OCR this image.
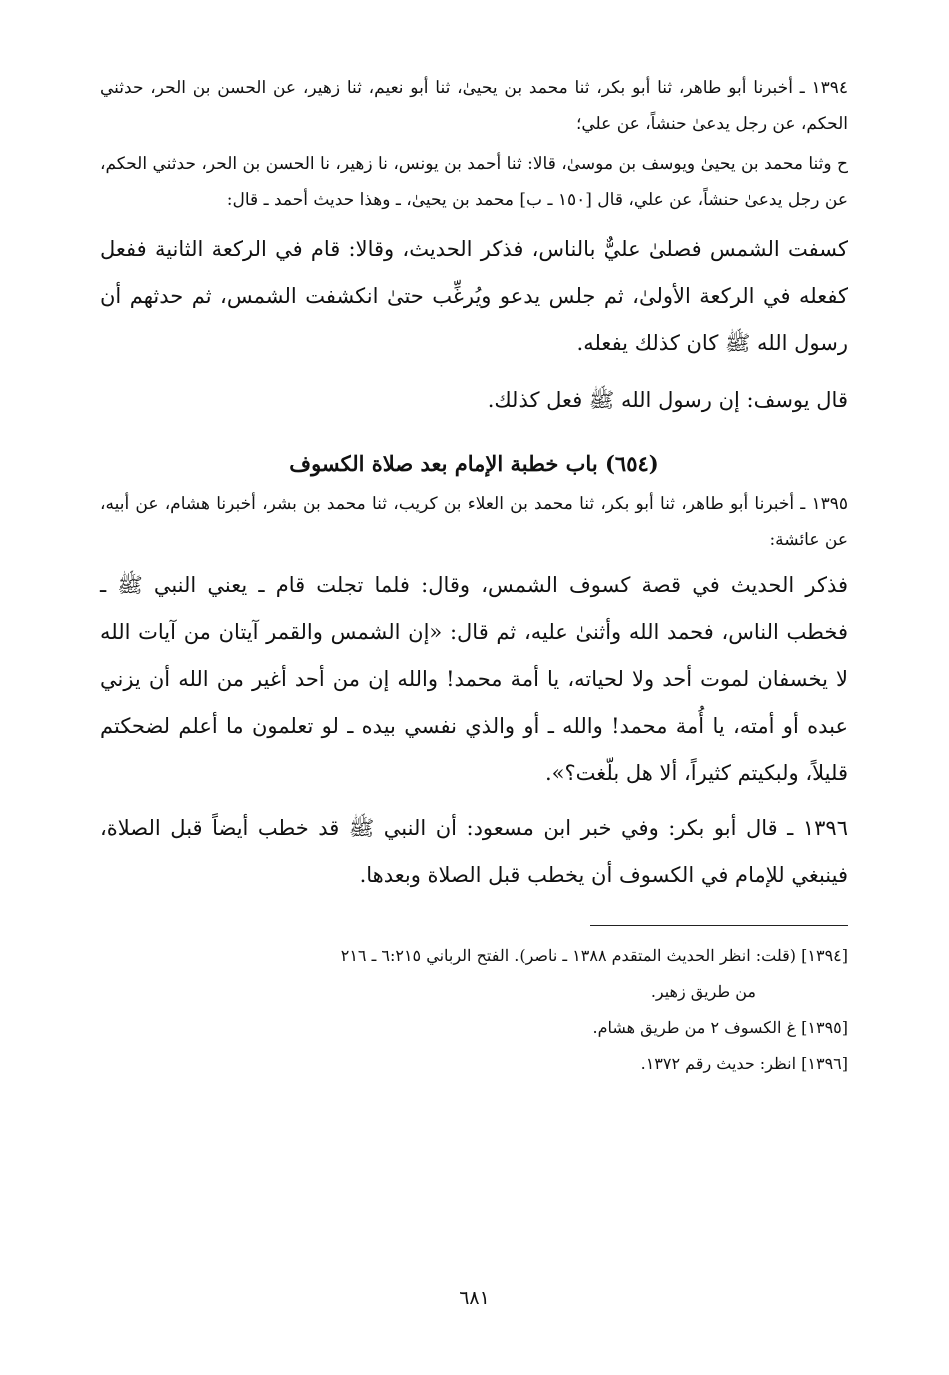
١٣٩٤ ـ أخبرنا أبو طاهر، ثنا أبو بكر، ثنا محمد بن يحيىٰ، ثنا أبو نعيم، ثنا زهير، عن الحسن بن الحر، حدثني الحكم، عن رجل يدعىٰ حنشاً، عن علي؛

ح وثنا محمد بن يحيىٰ ويوسف بن موسىٰ، قالا: ثنا أحمد بن يونس، نا زهير، نا الحسن بن الحر، حدثني الحكم، عن رجل يدعىٰ حنشاً، عن علي، قال [١٥٠ ـ ب] محمد بن يحيىٰ، ـ وهذا حديث أحمد ـ قال:

كسفت الشمس فصلىٰ عليٌّ بالناس، فذكر الحديث، وقالا: قام في الركعة الثانية ففعل كفعله في الركعة الأولىٰ، ثم جلس يدعو ويُرغِّب حتىٰ انكشفت الشمس، ثم حدثهم أن رسول الله ﷺ كان كذلك يفعله.

قال يوسف: إن رسول الله ﷺ فعل كذلك.

(٦٥٤) باب خطبة الإمام بعد صلاة الكسوف

١٣٩٥ ـ أخبرنا أبو طاهر، ثنا أبو بكر، ثنا محمد بن العلاء بن كريب، ثنا محمد بن بشر، أخبرنا هشام، عن أبيه، عن عائشة:

فذكر الحديث في قصة كسوف الشمس، وقال: فلما تجلت قام ـ يعني النبي ﷺ ـ فخطب الناس، فحمد الله وأثنىٰ عليه، ثم قال: «إن الشمس والقمر آيتان من آيات الله لا يخسفان لموت أحد ولا لحياته، يا أمة محمد! والله إن من أحد أغير من الله أن يزني عبده أو أمته، يا أُمة محمد! والله ـ أو والذي نفسي بيده ـ لو تعلمون ما أعلم لضحكتم قليلاً، ولبكيتم كثيراً، ألا هل بلّغت؟».

١٣٩٦ ـ قال أبو بكر: وفي خبر ابن مسعود: أن النبي ﷺ قد خطب أيضاً قبل الصلاة، فينبغي للإمام في الكسوف أن يخطب قبل الصلاة وبعدها.

[١٣٩٤] (قلت: انظر الحديث المتقدم ١٣٨٨ ـ ناصر). الفتح الرباني ٦:٢١٥ ـ ٢١٦

من طريق زهير.

[١٣٩٥] غ الكسوف ٢ من طريق هشام.

[١٣٩٦] انظر: حديث رقم ١٣٧٢.

٦٨١
